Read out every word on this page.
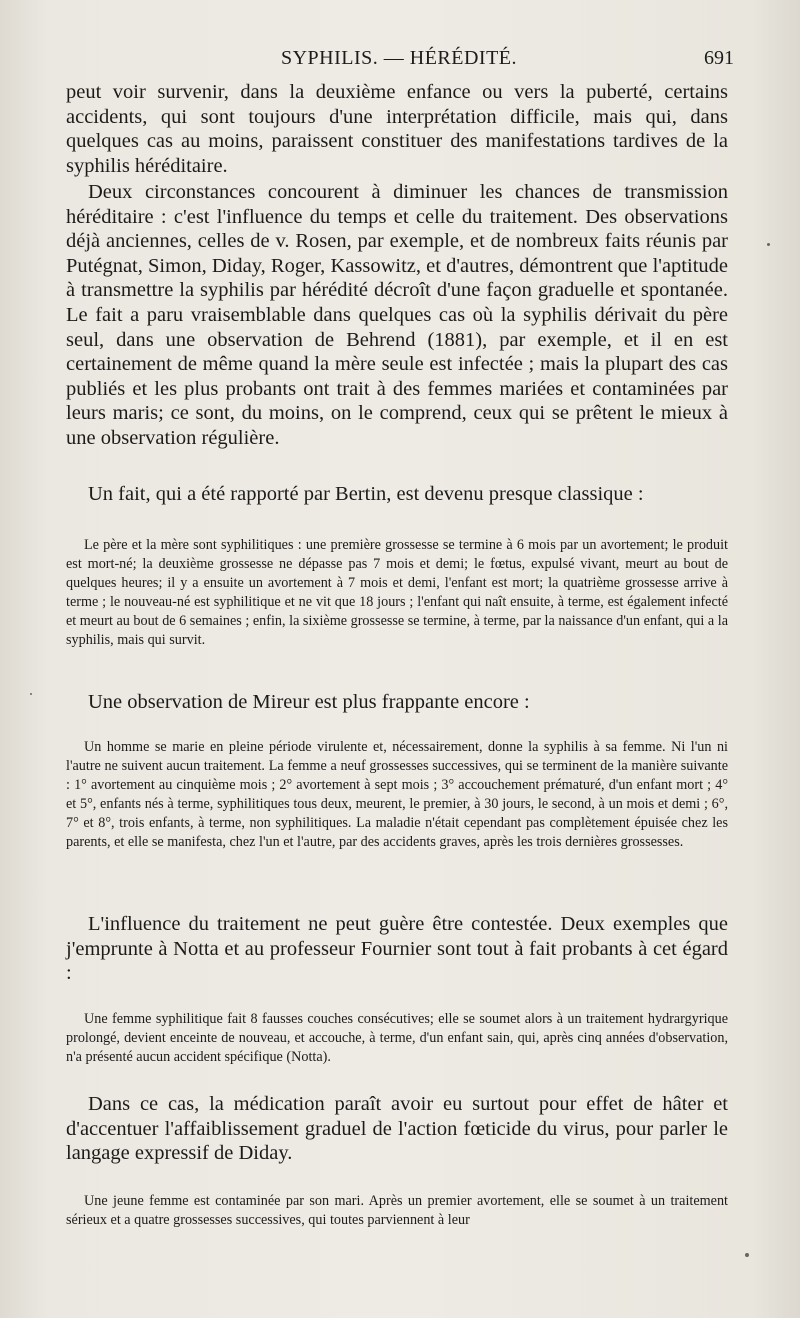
SYPHILIS. — HÉRÉDITÉ.	691

peut voir survenir, dans la deuxième enfance ou vers la puberté, certains accidents, qui sont toujours d'une interprétation difficile, mais qui, dans quelques cas au moins, paraissent constituer des manifestations tardives de la syphilis héréditaire.

Deux circonstances concourent à diminuer les chances de transmission héréditaire : c'est l'influence du temps et celle du traitement. Des observations déjà anciennes, celles de v. Rosen, par exemple, et de nombreux faits réunis par Putégnat, Simon, Diday, Roger, Kassowitz, et d'autres, démontrent que l'aptitude à transmettre la syphilis par hérédité décroît d'une façon graduelle et spontanée. Le fait a paru vraisemblable dans quelques cas où la syphilis dérivait du père seul, dans une observation de Behrend (1881), par exemple, et il en est certainement de même quand la mère seule est infectée ; mais la plupart des cas publiés et les plus probants ont trait à des femmes mariées et contaminées par leurs maris; ce sont, du moins, on le comprend, ceux qui se prêtent le mieux à une observation régulière.

Un fait, qui a été rapporté par Bertin, est devenu presque classique :

Le père et la mère sont syphilitiques : une première grossesse se termine à 6 mois par un avortement; le produit est mort-né; la deuxième grossesse ne dépasse pas 7 mois et demi; le fœtus, expulsé vivant, meurt au bout de quelques heures; il y a ensuite un avortement à 7 mois et demi, l'enfant est mort; la quatrième grossesse arrive à terme ; le nouveau-né est syphilitique et ne vit que 18 jours ; l'enfant qui naît ensuite, à terme, est également infecté et meurt au bout de 6 semaines ; enfin, la sixième grossesse se termine, à terme, par la naissance d'un enfant, qui a la syphilis, mais qui survit.

Une observation de Mireur est plus frappante encore :

Un homme se marie en pleine période virulente et, nécessairement, donne la syphilis à sa femme. Ni l'un ni l'autre ne suivent aucun traitement. La femme a neuf grossesses successives, qui se terminent de la manière suivante : 1° avortement au cinquième mois ; 2° avortement à sept mois ; 3° accouchement prématuré, d'un enfant mort ; 4° et 5°, enfants nés à terme, syphilitiques tous deux, meurent, le premier, à 30 jours, le second, à un mois et demi ; 6°, 7° et 8°, trois enfants, à terme, non syphilitiques. La maladie n'était cependant pas complètement épuisée chez les parents, et elle se manifesta, chez l'un et l'autre, par des accidents graves, après les trois dernières grossesses.

L'influence du traitement ne peut guère être contestée. Deux exemples que j'emprunte à Notta et au professeur Fournier sont tout à fait probants à cet égard :

Une femme syphilitique fait 8 fausses couches consécutives; elle se soumet alors à un traitement hydrargyrique prolongé, devient enceinte de nouveau, et accouche, à terme, d'un enfant sain, qui, après cinq années d'observation, n'a présenté aucun accident spécifique (Notta).

Dans ce cas, la médication paraît avoir eu surtout pour effet de hâter et d'accentuer l'affaiblissement graduel de l'action fœticide du virus, pour parler le langage expressif de Diday.

Une jeune femme est contaminée par son mari. Après un premier avortement, elle se soumet à un traitement sérieux et a quatre grossesses successives, qui toutes parviennent à leur
